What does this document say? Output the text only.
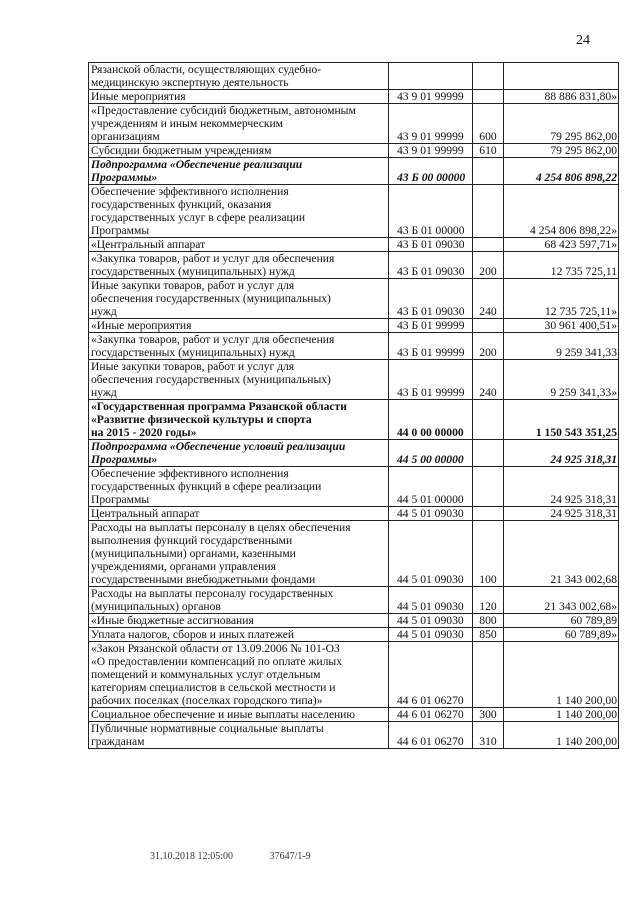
24
Рязанской области, осуществляющих судебно-
медицинскую экспертную деятельность			
Иные мероприятия	43 9 01 99999		88 886 831,80»
«Предоставление субсидий бюджетным, автономным
учреждениям и иным некоммерческим
организациям	43 9 01 99999	600	79 295 862,00
Субсидии бюджетным учреждениям	43 9 01 99999	610	79 295 862,00
Подпрограмма «Обеспечение реализации
Программы»	43 Б 00 00000		4 254 806 898,22
Обеспечение эффективного исполнения
государственных функций, оказания
государственных услуг в сфере реализации
Программы	43 Б 01 00000		4 254 806 898,22»
«Центральный аппарат	43 Б 01 09030		68 423 597,71»
«Закупка товаров, работ и услуг для обеспечения
государственных (муниципальных) нужд	43 Б 01 09030	200	12 735 725,11
Иные закупки товаров, работ и услуг для
обеспечения государственных (муниципальных)
нужд	43 Б 01 09030	240	12 735 725,11»
«Иные мероприятия	43 Б 01 99999		30 961 400,51»
«Закупка товаров, работ и услуг для обеспечения
государственных (муниципальных) нужд	43 Б 01 99999	200	9 259 341,33
Иные закупки товаров, работ и услуг для
обеспечения государственных (муниципальных)
нужд	43 Б 01 99999	240	9 259 341,33»
«Государственная программа Рязанской области
«Развитие физической культуры и спорта
на 2015 - 2020 годы»	44 0 00 00000		1 150 543 351,25
Подпрограмма «Обеспечение условий реализации
Программы»	44 5 00 00000		24 925 318,31
Обеспечение эффективного исполнения
государственных функций в сфере реализации
Программы	44 5 01 00000		24 925 318,31
Центральный аппарат	44 5 01 09030		24 925 318,31
Расходы на выплаты персоналу в целях обеспечения
выполнения функций государственными
(муниципальными) органами, казенными
учреждениями, органами управления
государственными внебюджетными фондами	44 5 01 09030	100	21 343 002,68
Расходы на выплаты персоналу государственных
(муниципальных) органов	44 5 01 09030	120	21 343 002,68»
«Иные бюджетные ассигнования	44 5 01 09030	800	60 789,89
Уплата налогов, сборов и иных платежей	44 5 01 09030	850	60 789,89»
«Закон Рязанской области от 13.09.2006 № 101-ОЗ
«О предоставлении компенсаций по оплате жилых
помещений и коммунальных услуг отдельным
категориям специалистов в сельской местности и
рабочих поселках (поселках городского типа)»	44 6 01 06270		1 140 200,00
Социальное обеспечение и иные выплаты населению	44 6 01 06270	300	1 140 200,00
Публичные нормативные социальные выплаты
гражданам	44 6 01 06270	310	1 140 200,00
31.10.2018 12:05:00	37647/1-9
